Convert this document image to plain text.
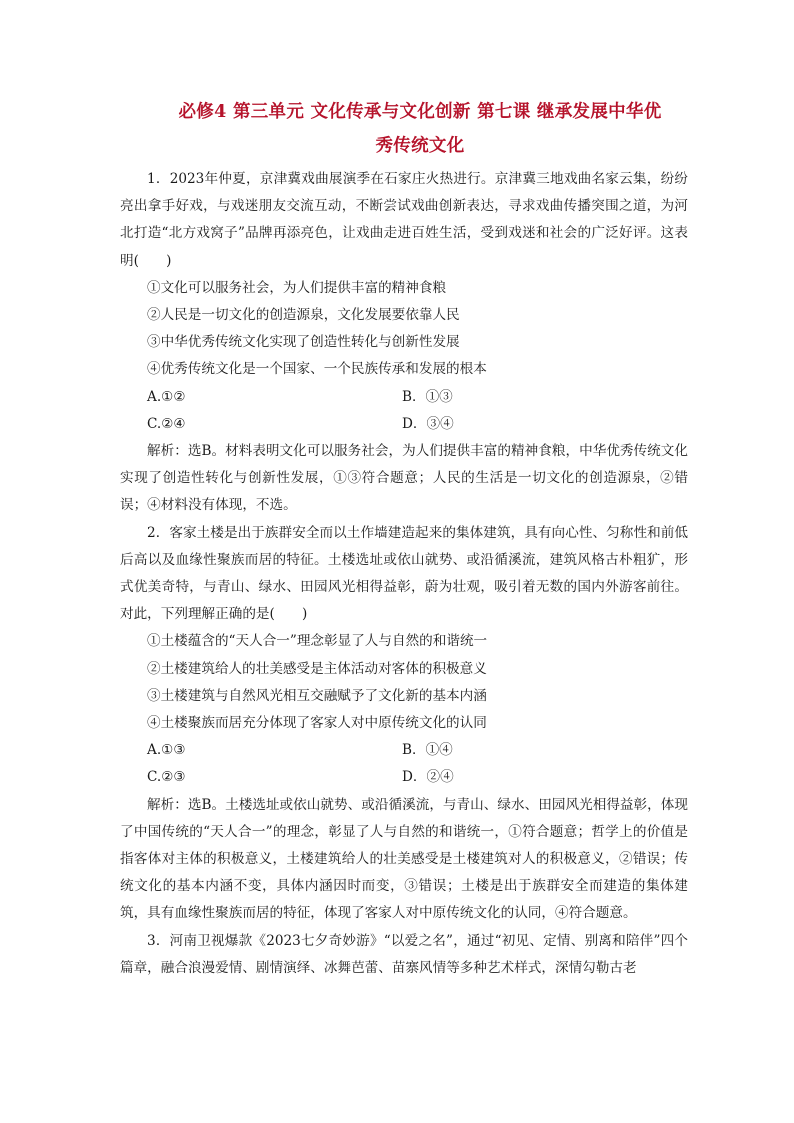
必修4 第三单元 文化传承与文化创新 第七课 继承发展中华优
秀传统文化

1．2023年仲夏，京津冀戏曲展演季在石家庄火热进行。京津冀三地戏曲名家云集，纷纷亮出拿手好戏，与戏迷朋友交流互动，不断尝试戏曲创新表达，寻求戏曲传播突围之道，为河北打造“北方戏窝子”品牌再添亮色，让戏曲走进百姓生活，受到戏迷和社会的广泛好评。这表明(　　)

①文化可以服务社会，为人们提供丰富的精神食粮

②人民是一切文化的创造源泉，文化发展要依靠人民

③中华优秀传统文化实现了创造性转化与创新性发展

④优秀传统文化是一个国家、一个民族传承和发展的根本

A.①②	B．①③
C.②④	D．③④

解析：选B。材料表明文化可以服务社会，为人们提供丰富的精神食粮，中华优秀传统文化实现了创造性转化与创新性发展，①③符合题意；人民的生活是一切文化的创造源泉，②错误；④材料没有体现，不选。

2．客家土楼是出于族群安全而以土作墙建造起来的集体建筑，具有向心性、匀称性和前低后高以及血缘性聚族而居的特征。土楼选址或依山就势、或沿循溪流，建筑风格古朴粗犷，形式优美奇特，与青山、绿水、田园风光相得益彰，蔚为壮观，吸引着无数的国内外游客前往。对此，下列理解正确的是(　　)

①土楼蕴含的“天人合一”理念彰显了人与自然的和谐统一

②土楼建筑给人的壮美感受是主体活动对客体的积极意义

③土楼建筑与自然风光相互交融赋予了文化新的基本内涵

④土楼聚族而居充分体现了客家人对中原传统文化的认同

A.①③	B．①④
C.②③	D．②④

解析：选B。土楼选址或依山就势、或沿循溪流，与青山、绿水、田园风光相得益彰，体现了中国传统的“天人合一”的理念，彰显了人与自然的和谐统一，①符合题意；哲学上的价值是指客体对主体的积极意义，土楼建筑给人的壮美感受是土楼建筑对人的积极意义，②错误；传统文化的基本内涵不变，具体内涵因时而变，③错误；土楼是出于族群安全而建造的集体建筑，具有血缘性聚族而居的特征，体现了客家人对中原传统文化的认同，④符合题意。

3．河南卫视爆款《2023七夕奇妙游》“以爱之名”，通过“初见、定情、别离和陪伴”四个篇章，融合浪漫爱情、剧情演绎、冰舞芭蕾、苗寨风情等多种艺术样式，深情勾勒古老
